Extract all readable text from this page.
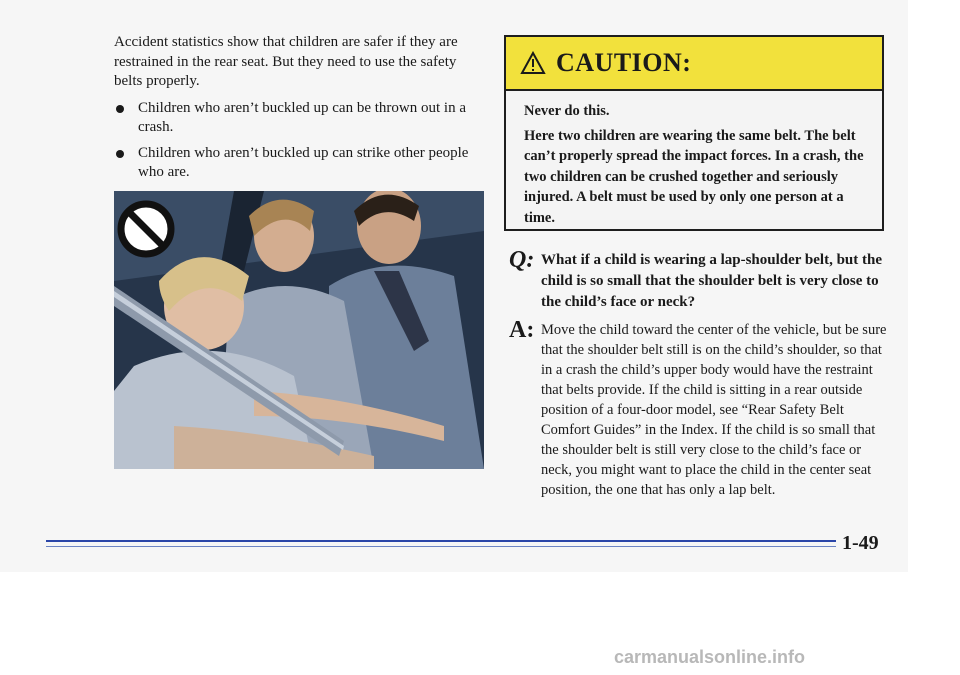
Accident statistics show that children are safer if they are restrained in the rear seat. But they need to use the safety belts properly.

Children who aren’t buckled up can be thrown out in a crash.
Children who aren’t buckled up can strike other people who are.
CAUTION:

Never do this.

Here two children are wearing the same belt. The belt can’t properly spread the impact forces. In a crash, the two children can be crushed together and seriously injured. A belt must be used by only one person at a time.

Q: What if a child is wearing a lap-shoulder belt, but the child is so small that the shoulder belt is very close to the child’s face or neck?
A: Move the child toward the center of the vehicle, but be sure that the shoulder belt still is on the child’s shoulder, so that in a crash the child’s upper body would have the restraint that belts provide. If the child is sitting in a rear outside position of a four-door model, see “Rear Safety Belt Comfort Guides” in the Index. If the child is so small that the shoulder belt is still very close to the child’s face or neck, you might want to place the child in the center seat position, the one that has only a lap belt.
1-49
carmanualsonline.info
